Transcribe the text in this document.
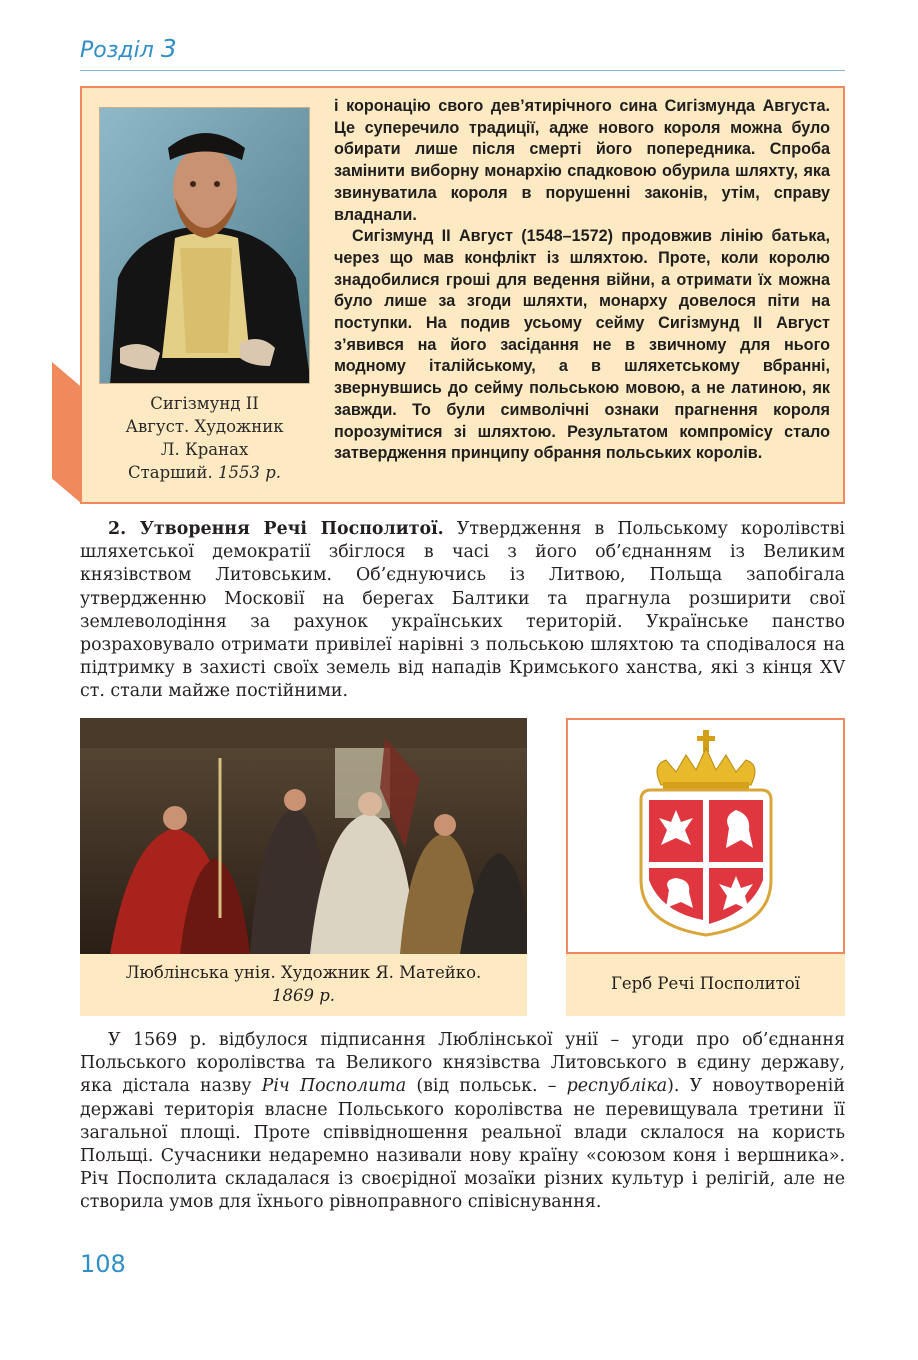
Розділ 3
Сигізмунд II
Август. Художник
Л. Кранах
Старший. 1553 р.

і коронацію свого дев’ятирічного сина Сигізмунда Августа. Це суперечило традиції, адже нового короля можна було обирати лише після смерті його попередника. Спроба замінити виборну монархію спадковою обурила шляхту, яка звинуватила короля в порушенні законів, утім, справу владнали.

Сигізмунд II Август (1548–1572) продовжив лінію батька, через що мав конфлікт із шляхтою. Проте, коли королю знадобилися гроші для ведення війни, а отримати їх можна було лише за згоди шляхти, монарху довелося піти на поступки. На подив усьому сейму Сигізмунд II Август з’явився на його засідання не в звичному для нього модному італійському, а в шляхетському вбранні, звернувшись до сейму польською мовою, а не латиною, як завжди. То були символічні ознаки прагнення короля порозумітися зі шляхтою. Результатом компромісу стало затвердження принципу обрання польських королів.

2. Утворення Речі Посполитої. Утвердження в Польському королівстві шляхетської демократії збіглося в часі з його об’єднанням із Великим князівством Литовським. Об’єднуючись із Литвою, Польща запобігала утвердженню Московії на берегах Балтики та прагнула розширити свої землеволодіння за рахунок українських територій. Українське панство розраховувало отримати привілеї нарівні з польською шляхтою та сподівалося на підтримку в захисті своїх земель від нападів Кримського ханства, які з кінця XV ст. стали майже постійними.

Люблінська унія. Художник Я. Матейко.
1869 р.
Герб Речі Посполитої

У 1569 р. відбулося підписання Люблінської унії – угоди про об’єднання Польського королівства та Великого князівства Литовського в єдину державу, яка дістала назву Річ Посполита (від польськ. – республіка). У новоутвореній державі територія власне Польського королівства не перевищувала третини її загальної площі. Проте співвідношення реальної влади склалося на користь Польщі. Сучасники недаремно називали нову країну «союзом коня і вершника». Річ Посполита складалася із своєрідної мозаїки різних культур і релігій, але не створила умов для їхнього рівноправного співіснування.

108
